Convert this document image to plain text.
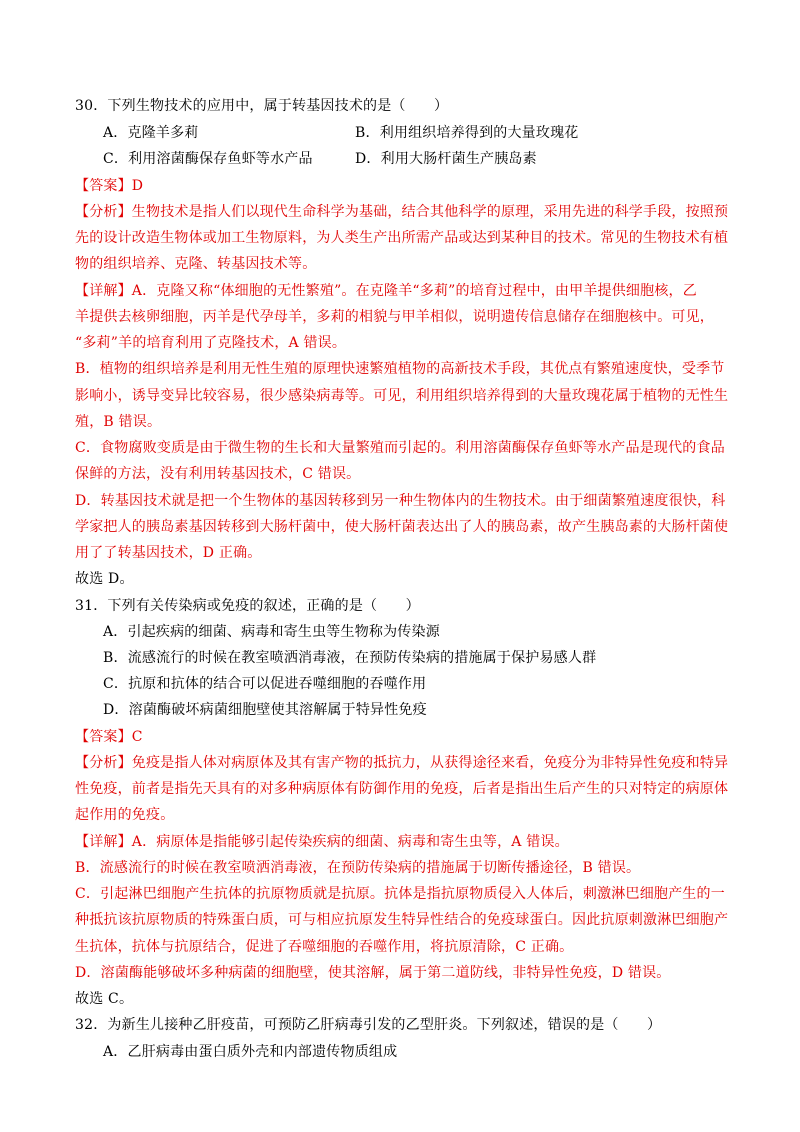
30．下列生物技术的应用中，属于转基因技术的是（　　）
A．克隆羊多莉	B．利用组织培养得到的大量玫瑰花
C．利用溶菌酶保存鱼虾等水产品	D．利用大肠杆菌生产胰岛素
【答案】D
【分析】生物技术是指人们以现代生命科学为基础，结合其他科学的原理，采用先进的科学手段，按照预
先的设计改造生物体或加工生物原料，为人类生产出所需产品或达到某种目的技术。常见的生物技术有植
物的组织培养、克隆、转基因技术等。
【详解】A．克隆又称“体细胞的无性繁殖”。在克隆羊“多莉”的培育过程中，由甲羊提供细胞核，乙
羊提供去核卵细胞，丙羊是代孕母羊，多莉的相貌与甲羊相似，说明遗传信息储存在细胞核中。可见，
“多莉”羊的培育利用了克隆技术，A 错误。
B．植物的组织培养是利用无性生殖的原理快速繁殖植物的高新技术手段，其优点有繁殖速度快，受季节
影响小，诱导变异比较容易，很少感染病毒等。可见，利用组织培养得到的大量玫瑰花属于植物的无性生
殖，B 错误。
C．食物腐败变质是由于微生物的生长和大量繁殖而引起的。利用溶菌酶保存鱼虾等水产品是现代的食品
保鲜的方法，没有利用转基因技术，C 错误。
D．转基因技术就是把一个生物体的基因转移到另一种生物体内的生物技术。由于细菌繁殖速度很快，科
学家把人的胰岛素基因转移到大肠杆菌中，使大肠杆菌表达出了人的胰岛素，故产生胰岛素的大肠杆菌使
用了了转基因技术，D 正确。
故选 D。
31．下列有关传染病或免疫的叙述，正确的是（　　）
A．引起疾病的细菌、病毒和寄生虫等生物称为传染源
B．流感流行的时候在教室喷洒消毒液，在预防传染病的措施属于保护易感人群
C．抗原和抗体的结合可以促进吞噬细胞的吞噬作用
D．溶菌酶破坏病菌细胞壁使其溶解属于特异性免疫
【答案】C
【分析】免疫是指人体对病原体及其有害产物的抵抗力，从获得途径来看，免疫分为非特异性免疫和特异
性免疫，前者是指先天具有的对多种病原体有防御作用的免疫，后者是指出生后产生的只对特定的病原体
起作用的免疫。
【详解】A．病原体是指能够引起传染疾病的细菌、病毒和寄生虫等，A 错误。
B．流感流行的时候在教室喷洒消毒液，在预防传染病的措施属于切断传播途径，B 错误。
C．引起淋巴细胞产生抗体的抗原物质就是抗原。抗体是指抗原物质侵入人体后，刺激淋巴细胞产生的一
种抵抗该抗原物质的特殊蛋白质，可与相应抗原发生特异性结合的免疫球蛋白。因此抗原刺激淋巴细胞产
生抗体，抗体与抗原结合，促进了吞噬细胞的吞噬作用，将抗原清除，C 正确。
D．溶菌酶能够破坏多种病菌的细胞壁，使其溶解，属于第二道防线，非特异性免疫，D 错误。
故选 C。
32．为新生儿接种乙肝疫苗，可预防乙肝病毒引发的乙型肝炎。下列叙述，错误的是（　　）
A．乙肝病毒由蛋白质外壳和内部遗传物质组成
